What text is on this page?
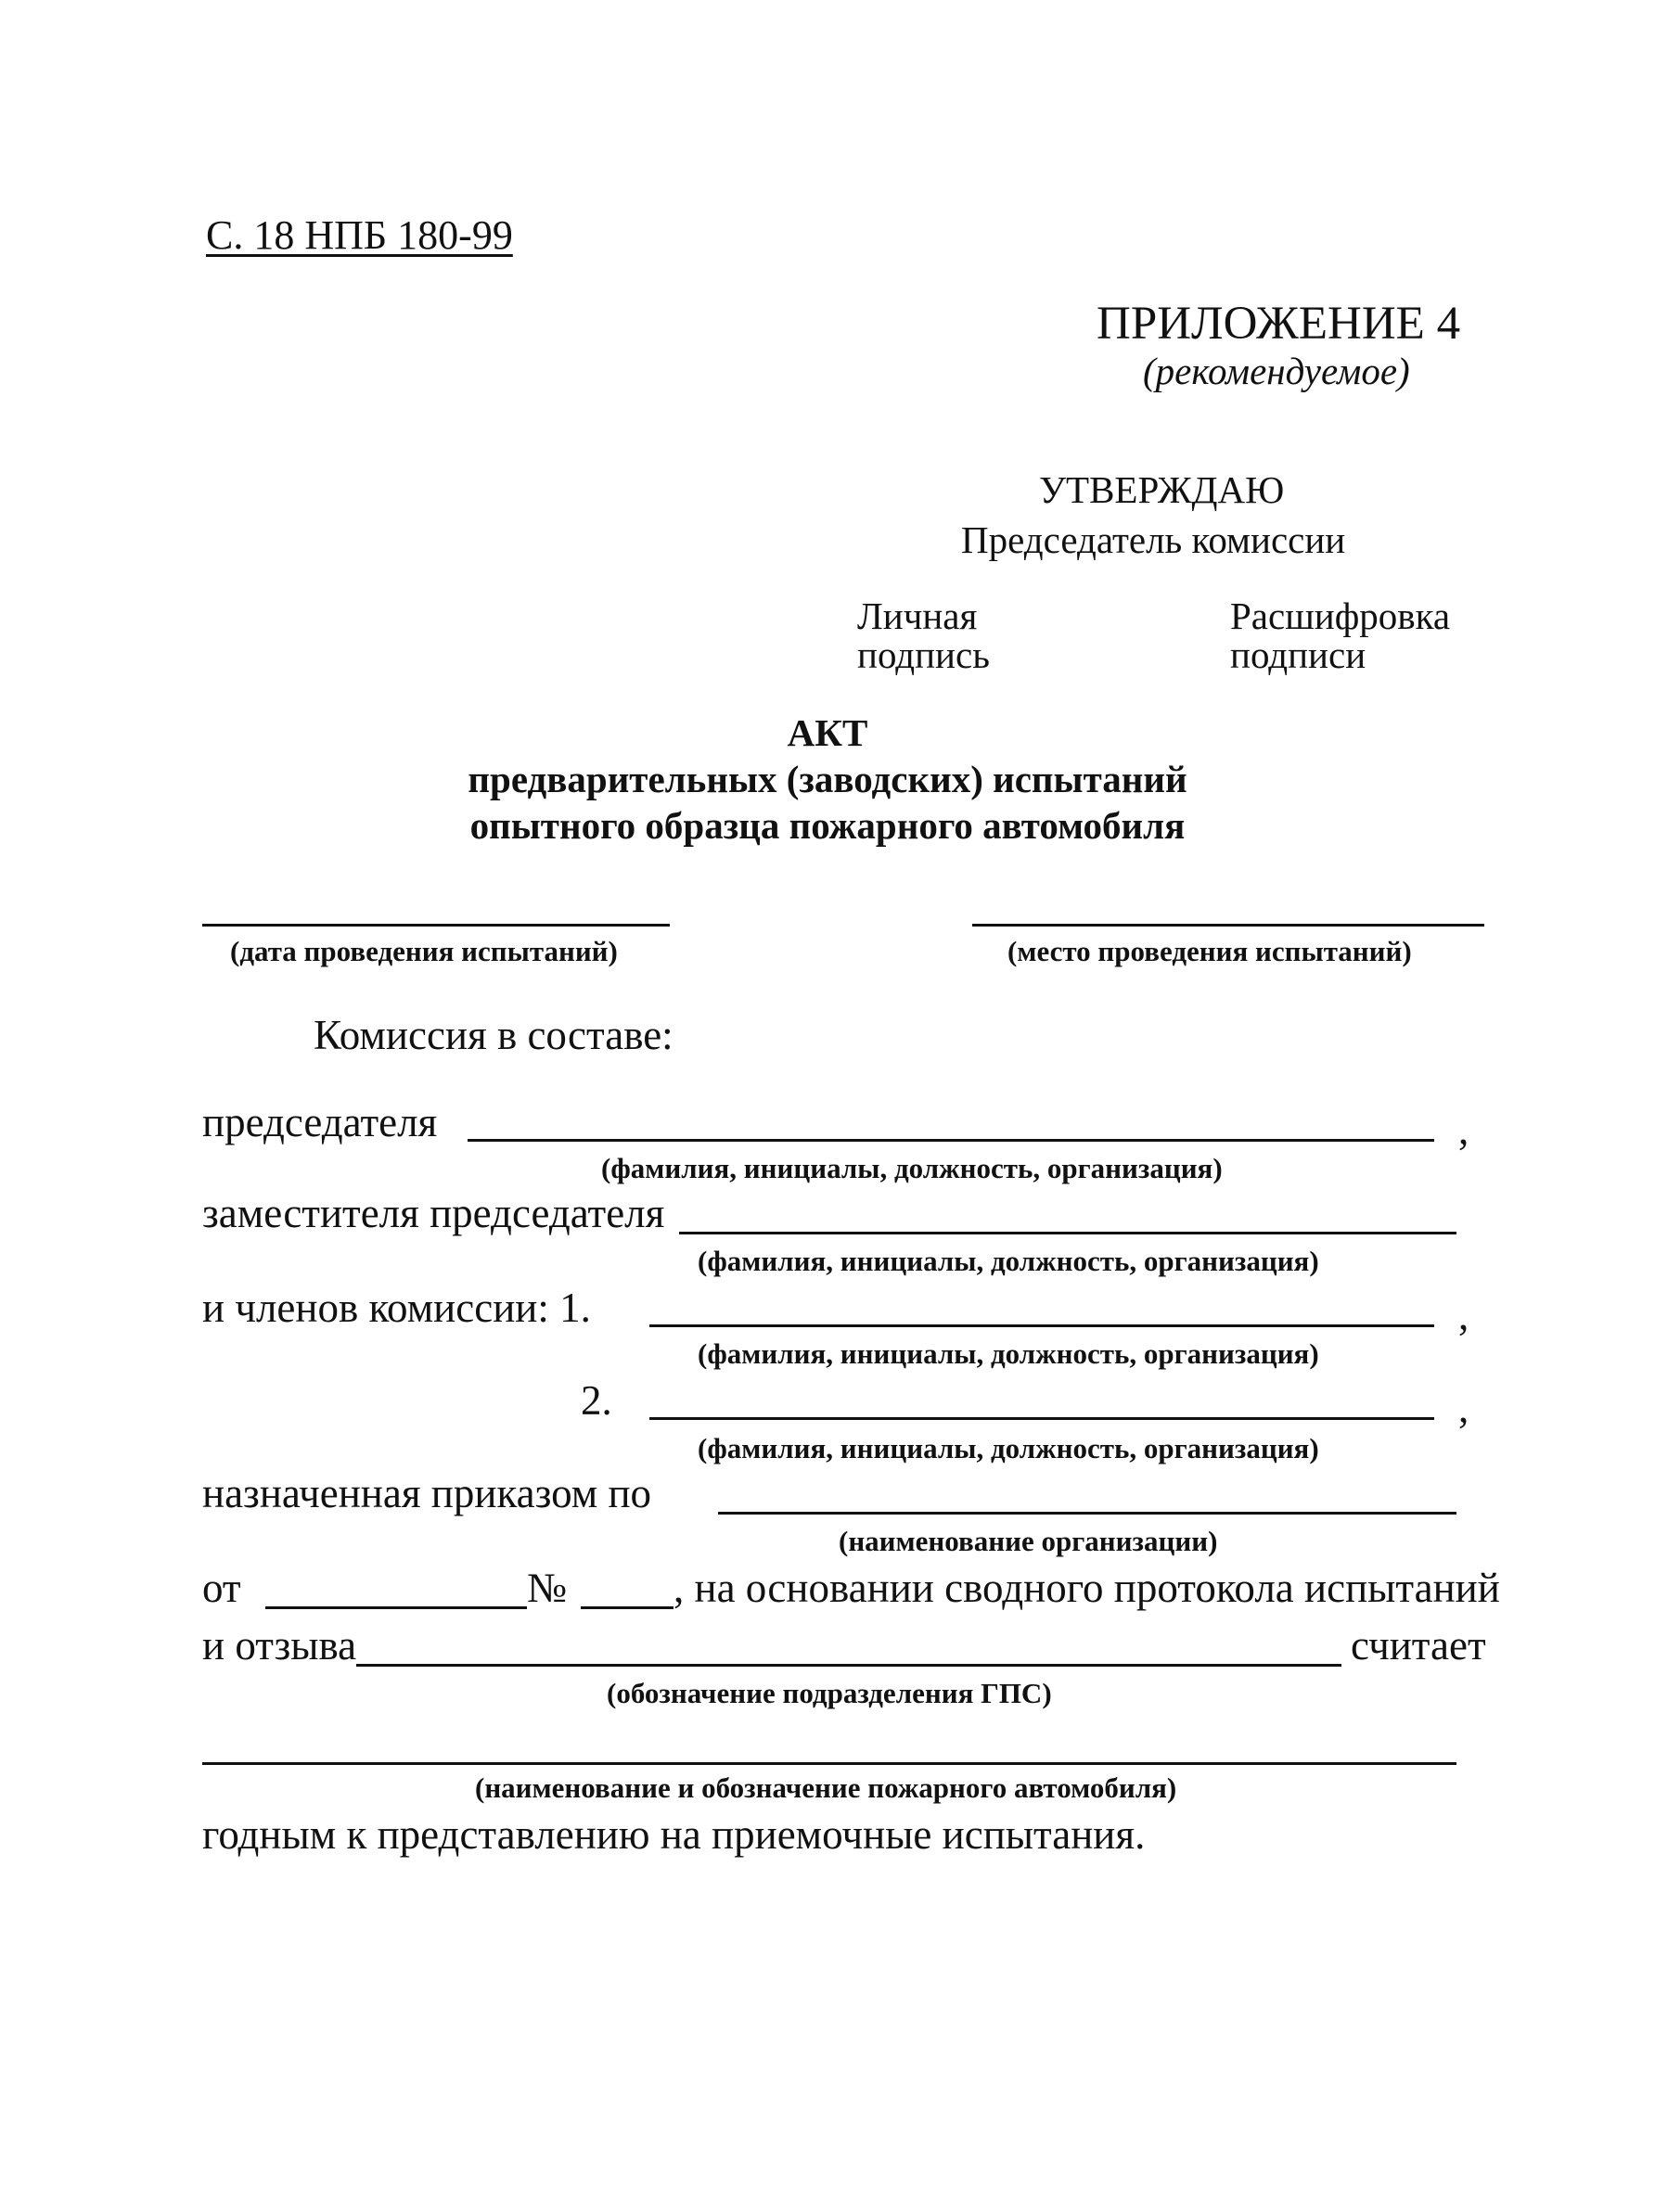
С. 18 НПБ 180-99
ПРИЛОЖЕНИЕ 4
(рекомендуемое)
УТВЕРЖДАЮ
Председатель комиссии
Личная
подпись
Расшифровка
подписи
АКТ
предварительных (заводских) испытаний
опытного образца пожарного автомобиля
(дата проведения испытаний)	(место проведения испытаний)
Комиссия в составе:
председателя	,
(фамилия, инициалы, должность, организация)
заместителя председателя
(фамилия, инициалы, должность, организация)
и членов комиссии: 1.	,
(фамилия, инициалы, должность, организация)
2.	,
(фамилия, инициалы, должность, организация)
назначенная приказом по
(наименование организации)
от	№	, на основании сводного протокола испытаний
и отзыва	считает
(обозначение подразделения ГПС)
(наименование и обозначение пожарного автомобиля)
годным к представлению на приемочные испытания.
